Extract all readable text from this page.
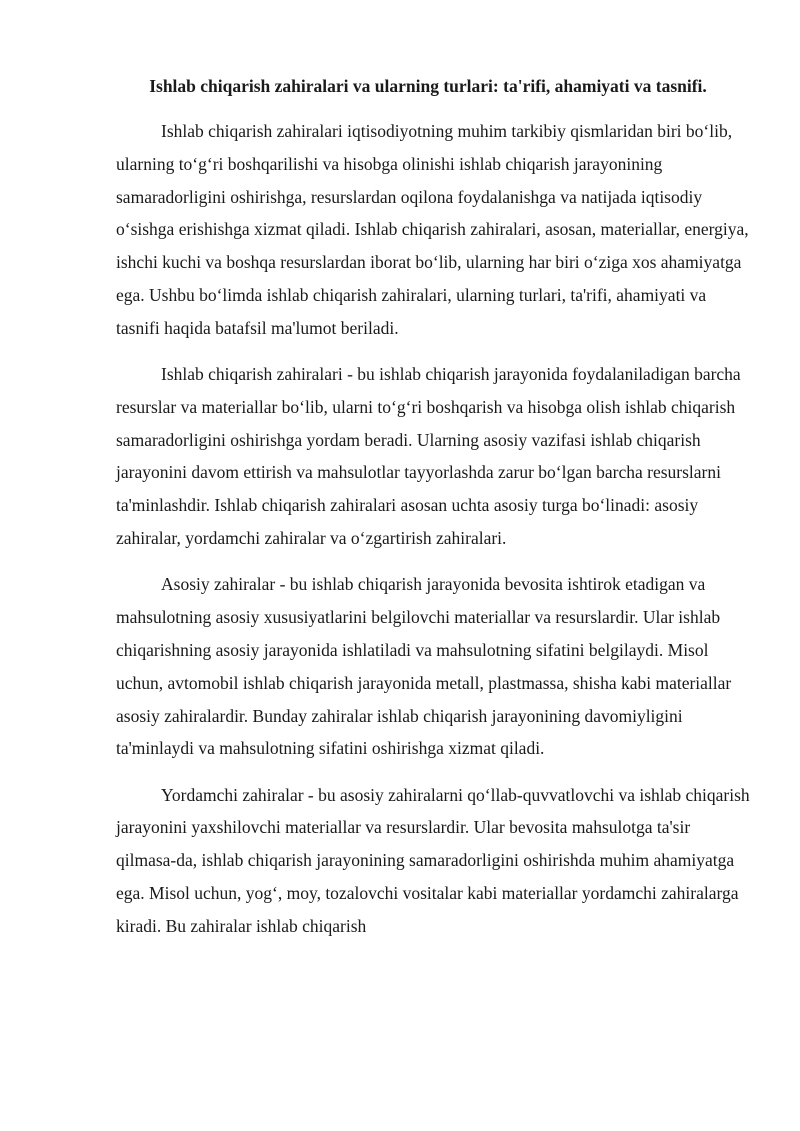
Ishlab chiqarish zahiralari va ularning turlari: ta'rifi, ahamiyati va tasnifi.

Ishlab chiqarish zahiralari iqtisodiyotning muhim tarkibiy qismlaridan biri bo‘lib, ularning to‘g‘ri boshqarilishi va hisobga olinishi ishlab chiqarish jarayonining samaradorligini oshirishga, resurslardan oqilona foydalanishga va natijada iqtisodiy o‘sishga erishishga xizmat qiladi. Ishlab chiqarish zahiralari, asosan, materiallar, energiya, ishchi kuchi va boshqa resurslardan iborat bo‘lib, ularning har biri o‘ziga xos ahamiyatga ega. Ushbu bo‘limda ishlab chiqarish zahiralari, ularning turlari, ta'rifi, ahamiyati va tasnifi haqida batafsil ma'lumot beriladi.

Ishlab chiqarish zahiralari - bu ishlab chiqarish jarayonida foydalaniladigan barcha resurslar va materiallar bo‘lib, ularni to‘g‘ri boshqarish va hisobga olish ishlab chiqarish samaradorligini oshirishga yordam beradi. Ularning asosiy vazifasi ishlab chiqarish jarayonini davom ettirish va mahsulotlar tayyorlashda zarur bo‘lgan barcha resurslarni ta'minlashdir. Ishlab chiqarish zahiralari asosan uchta asosiy turga bo‘linadi: asosiy zahiralar, yordamchi zahiralar va o‘zgartirish zahiralari.

Asosiy zahiralar - bu ishlab chiqarish jarayonida bevosita ishtirok etadigan va mahsulotning asosiy xususiyatlarini belgilovchi materiallar va resurslardir. Ular ishlab chiqarishning asosiy jarayonida ishlatiladi va mahsulotning sifatini belgilaydi. Misol uchun, avtomobil ishlab chiqarish jarayonida metall, plastmassa, shisha kabi materiallar asosiy zahiralardir. Bunday zahiralar ishlab chiqarish jarayonining davomiyligini ta'minlaydi va mahsulotning sifatini oshirishga xizmat qiladi.

Yordamchi zahiralar - bu asosiy zahiralarni qo‘llab-quvvatlovchi va ishlab chiqarish jarayonini yaxshilovchi materiallar va resurslardir. Ular bevosita mahsulotga ta'sir qilmasa-da, ishlab chiqarish jarayonining samaradorligini oshirishda muhim ahamiyatga ega. Misol uchun, yog‘, moy, tozalovchi vositalar kabi materiallar yordamchi zahiralarga kiradi. Bu zahiralar ishlab chiqarish
